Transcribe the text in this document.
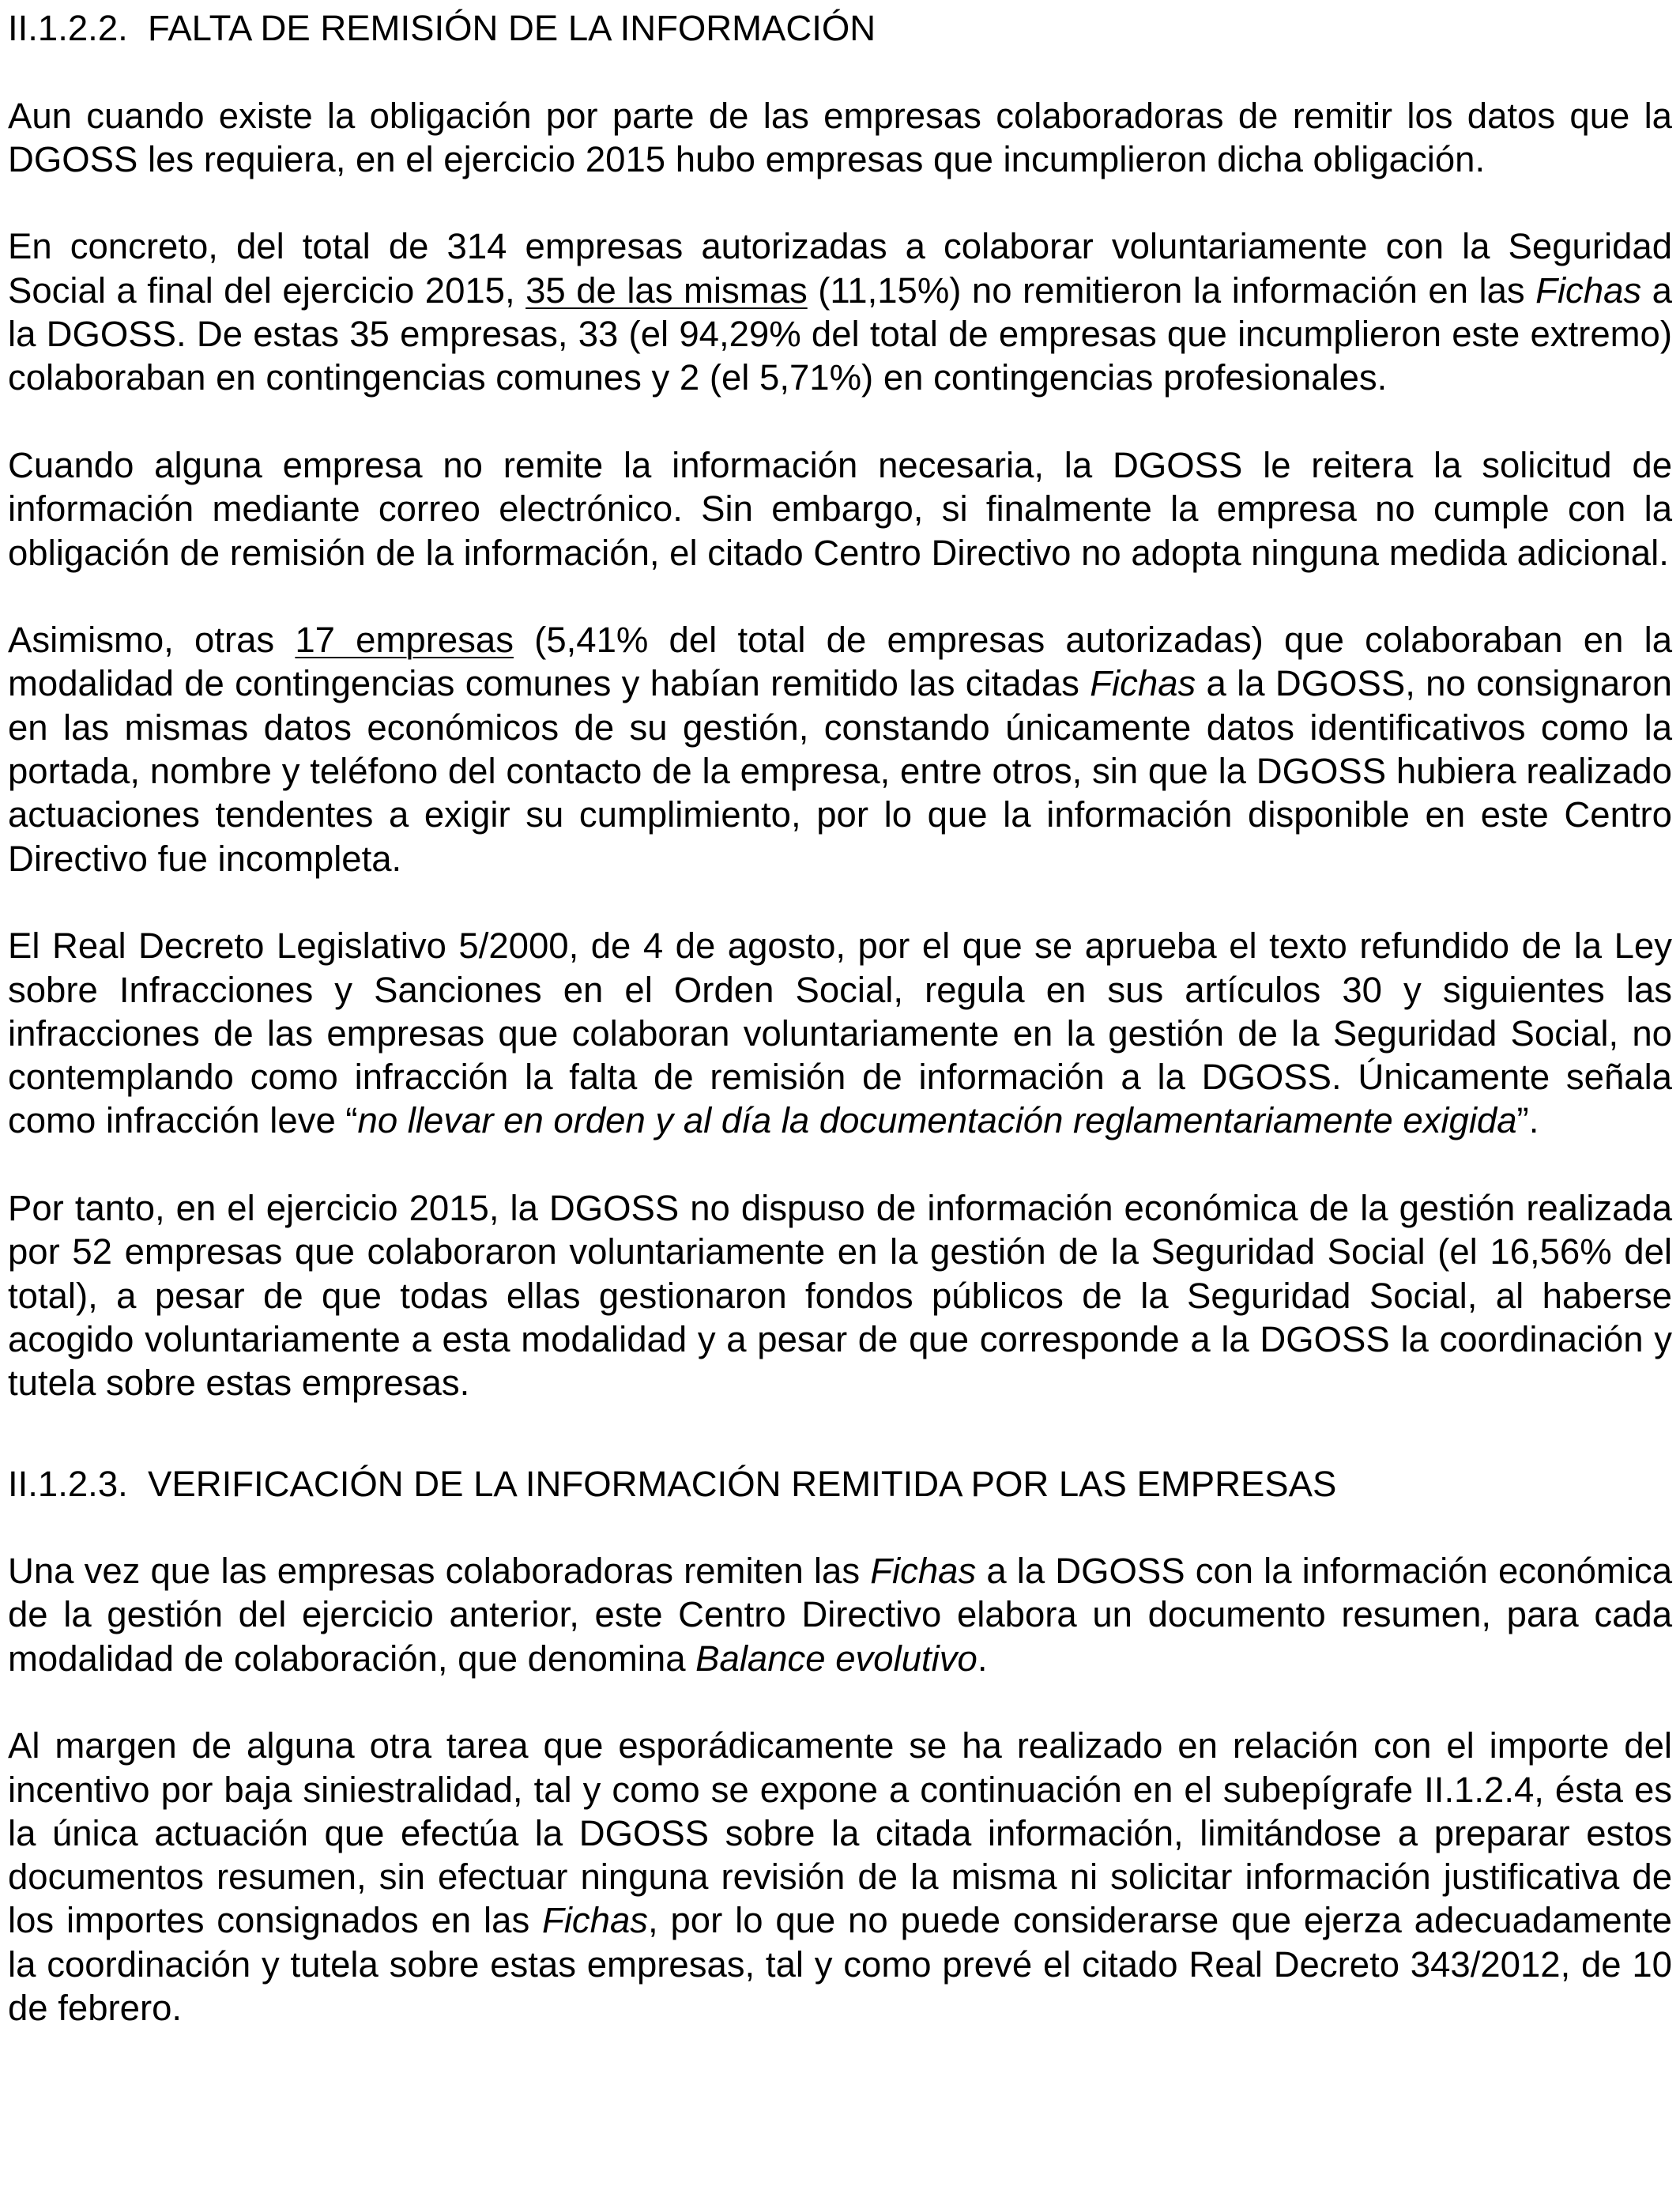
II.1.2.2.  FALTA DE REMISIÓN DE LA INFORMACIÓN

Aun cuando existe la obligación por parte de las empresas colaboradoras de remitir los datos que la DGOSS les requiera, en el ejercicio 2015 hubo empresas que incumplieron dicha obligación.

En concreto, del total de 314 empresas autorizadas a colaborar voluntariamente con la Seguridad Social a final del ejercicio 2015, 35 de las mismas (11,15%) no remitieron la información en las Fichas a la DGOSS. De estas 35 empresas, 33 (el 94,29% del total de empresas que incumplieron este extremo) colaboraban en contingencias comunes y 2 (el 5,71%) en contingencias profesionales.

Cuando alguna empresa no remite la información necesaria, la DGOSS le reitera la solicitud de información mediante correo electrónico. Sin embargo, si finalmente la empresa no cumple con la obligación de remisión de la información, el citado Centro Directivo no adopta ninguna medida adicional.

Asimismo, otras 17 empresas (5,41% del total de empresas autorizadas) que colaboraban en la modalidad de contingencias comunes y habían remitido las citadas Fichas a la DGOSS, no consignaron en las mismas datos económicos de su gestión, constando únicamente datos identificativos como la portada, nombre y teléfono del contacto de la empresa, entre otros, sin que la DGOSS hubiera realizado actuaciones tendentes a exigir su cumplimiento, por lo que la información disponible en este Centro Directivo fue incompleta.

El Real Decreto Legislativo 5/2000, de 4 de agosto, por el que se aprueba el texto refundido de la Ley sobre Infracciones y Sanciones en el Orden Social, regula en sus artículos 30 y siguientes las infracciones de las empresas que colaboran voluntariamente en la gestión de la Seguridad Social, no contemplando como infracción la falta de remisión de información a la DGOSS. Únicamente señala como infracción leve “no llevar en orden y al día la documentación reglamentariamente exigida”.

Por tanto, en el ejercicio 2015, la DGOSS no dispuso de información económica de la gestión realizada por 52 empresas que colaboraron voluntariamente en la gestión de la Seguridad Social (el 16,56% del total), a pesar de que todas ellas gestionaron fondos públicos de la Seguridad Social, al haberse acogido voluntariamente a esta modalidad y a pesar de que corresponde a la DGOSS la coordinación y tutela sobre estas empresas.

II.1.2.3.  VERIFICACIÓN DE LA INFORMACIÓN REMITIDA POR LAS EMPRESAS

Una vez que las empresas colaboradoras remiten las Fichas a la DGOSS con la información económica de la gestión del ejercicio anterior, este Centro Directivo elabora un documento resumen, para cada modalidad de colaboración, que denomina Balance evolutivo.

Al margen de alguna otra tarea que esporádicamente se ha realizado en relación con el importe del incentivo por baja siniestralidad, tal y como se expone a continuación en el subepígrafe II.1.2.4, ésta es la única actuación que efectúa la DGOSS sobre la citada información, limitándose a preparar estos documentos resumen, sin efectuar ninguna revisión de la misma ni solicitar información justificativa de los importes consignados en las Fichas, por lo que no puede considerarse que ejerza adecuadamente la coordinación y tutela sobre estas empresas, tal y como prevé el citado Real Decreto 343/2012, de 10 de febrero.
